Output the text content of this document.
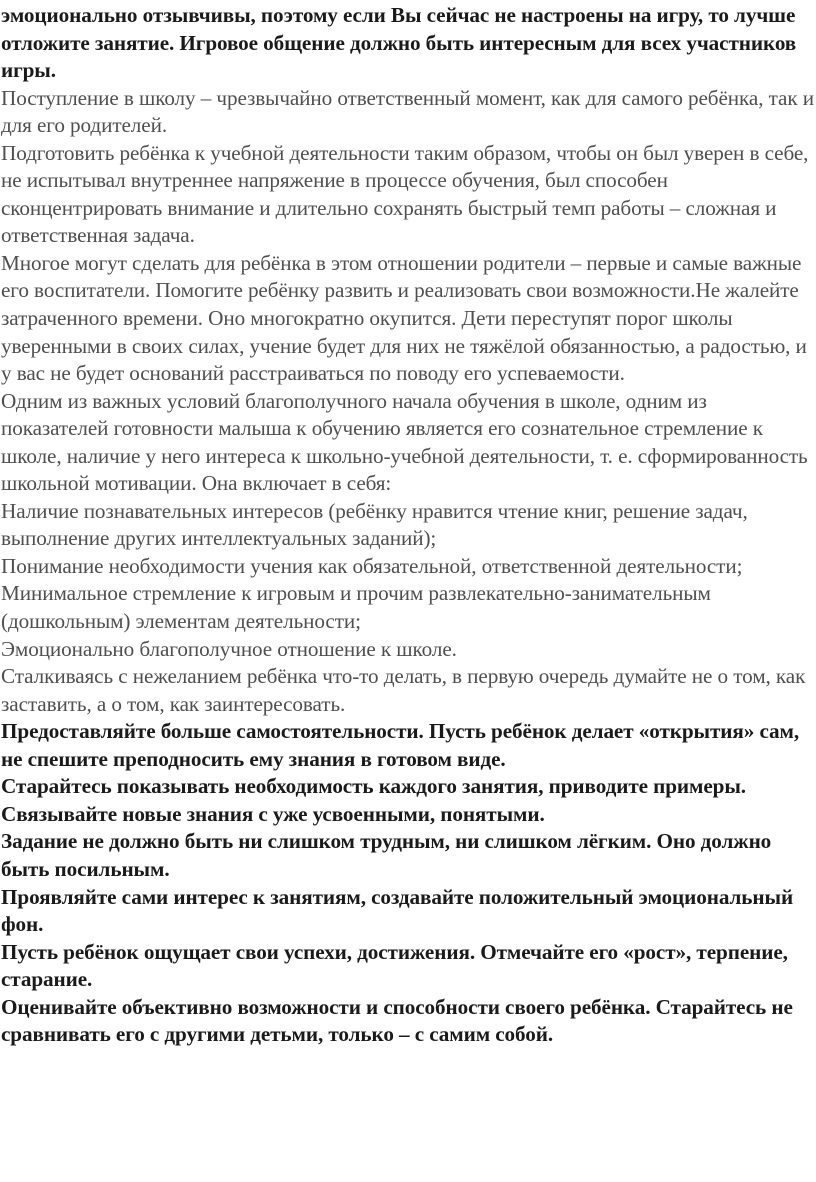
эмоционально отзывчивы, поэтому если Вы сейчас не настроены на игру, то лучше отложите занятие. Игровое общение должно быть интересным для всех участников игры.

Поступление в школу – чрезвычайно ответственный момент, как для самого ребёнка, так и для его родителей.

Подготовить ребёнка к учебной деятельности таким образом, чтобы он был уверен в себе, не испытывал внутреннее напряжение в процессе обучения, был способен сконцентрировать внимание и длительно сохранять быстрый темп работы – сложная и ответственная задача.

Многое могут сделать для ребёнка в этом отношении родители – первые и самые важные его воспитатели. Помогите ребёнку развить и реализовать свои возможности.Не жалейте затраченного времени. Оно многократно окупится. Дети переступят порог школы уверенными в своих силах, учение будет для них не тяжёлой обязанностью, а радостью, и у вас не будет оснований расстраиваться по поводу его успеваемости.

Одним из важных условий благополучного начала обучения в школе, одним из показателей готовности малыша к обучению является его сознательное стремление к школе, наличие у него интереса к школьно-учебной деятельности, т. е. сформированность школьной мотивации. Она включает в себя:

Наличие познавательных интересов (ребёнку нравится чтение книг, решение задач, выполнение других интеллектуальных заданий);

Понимание необходимости учения как обязательной, ответственной деятельности;

Минимальное стремление к игровым и прочим развлекательно-занимательным (дошкольным) элементам деятельности;

Эмоционально благополучное отношение к школе.

Сталкиваясь с нежеланием ребёнка что-то делать, в первую очередь думайте не о том, как заставить, а о том, как заинтересовать.

Предоставляйте больше самостоятельности. Пусть ребёнок делает «открытия» сам, не спешите преподносить ему знания в готовом виде.

Старайтесь показывать необходимость каждого занятия, приводите примеры.

Связывайте новые знания с уже усвоенными, понятыми.

Задание не должно быть ни слишком трудным, ни слишком лёгким. Оно должно быть посильным.

Проявляйте сами интерес к занятиям, создавайте положительный эмоциональный фон.

Пусть ребёнок ощущает свои успехи, достижения. Отмечайте его «рост», терпение, старание.

Оценивайте объективно возможности и способности своего ребёнка. Старайтесь не сравнивать его с другими детьми, только – с самим собой.
